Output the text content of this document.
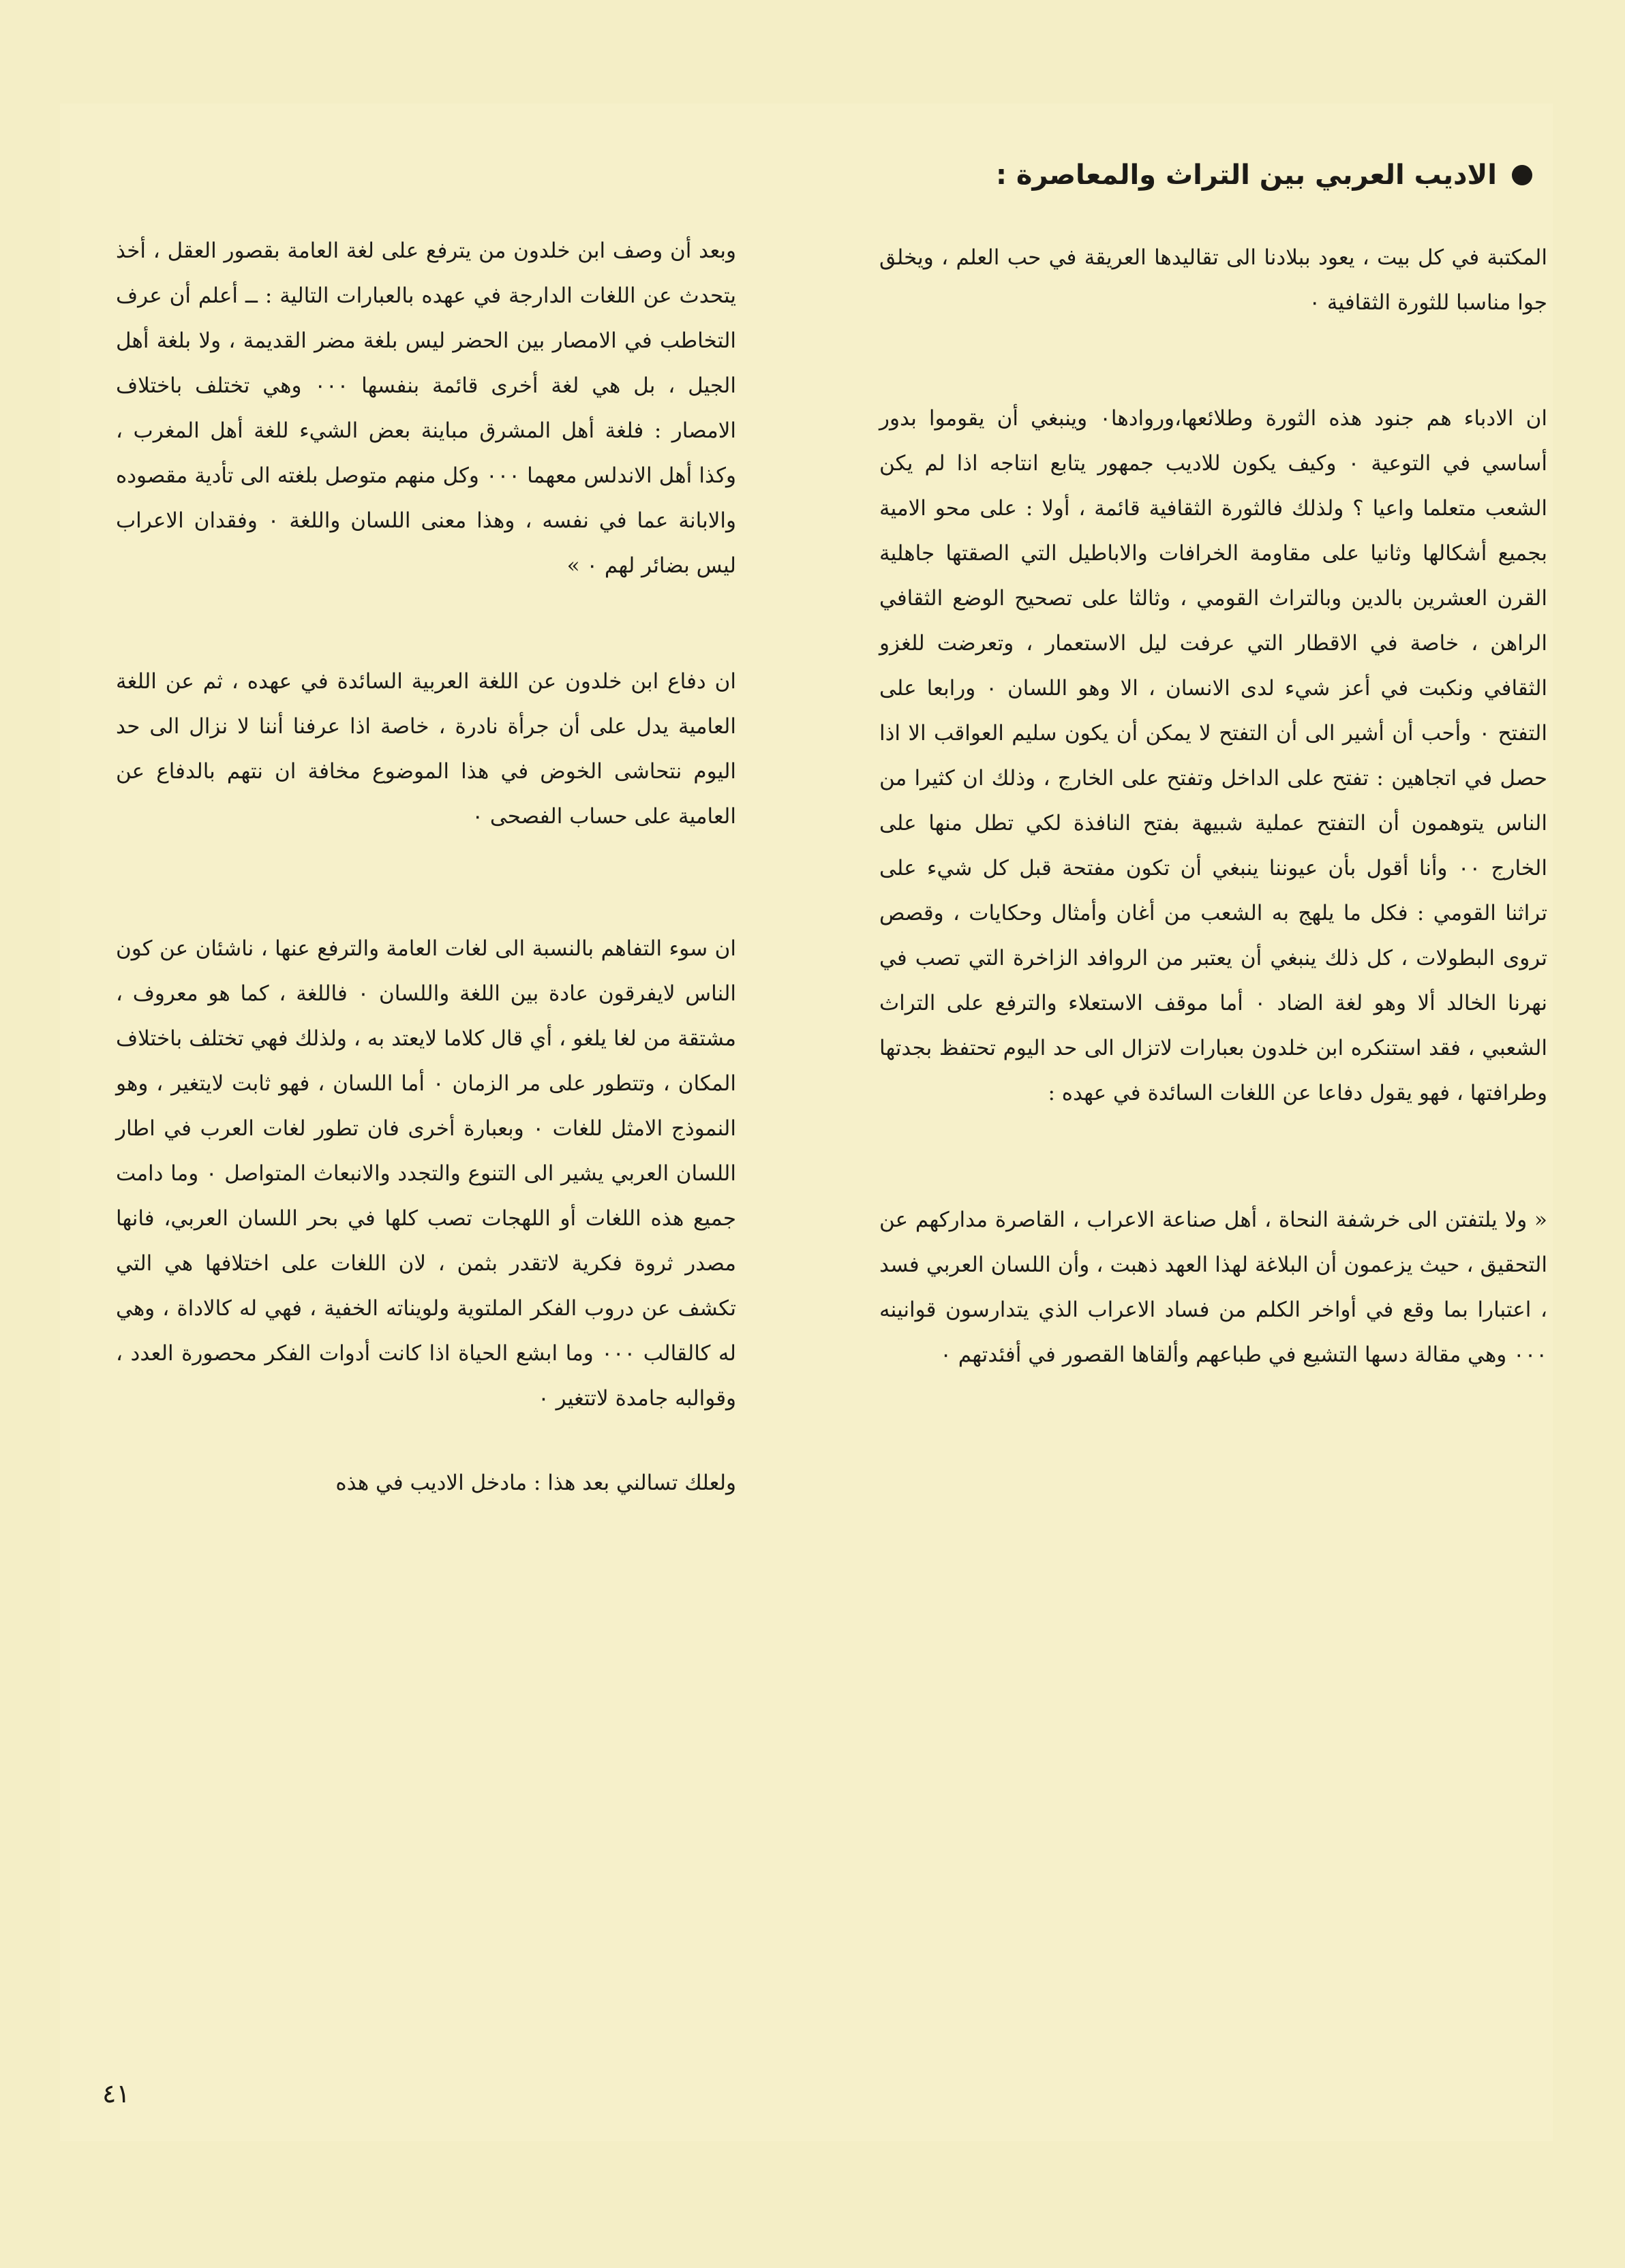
الاديب العربي بين التراث والمعاصرة :

المكتبة في كل بيت ، يعود ببلادنا الى تقاليدها العريقة في حب العلم ، ويخلق جوا مناسبا للثورة الثقافية ٠

ان الادباء هم جنود هذه الثورة وطلائعها،وروادها٠ وينبغي أن يقوموا بدور أساسي في التوعية ٠ وكيف يكون للاديب جمهور يتابع انتاجه اذا لم يكن الشعب متعلما واعيا ؟ ولذلك فالثورة الثقافية قائمة ، أولا : على محو الامية بجميع أشكالها وثانيا على مقاومة الخرافات والاباطيل التي الصقتها جاهلية القرن العشرين بالدين وبالتراث القومي ، وثالثا على تصحيح الوضع الثقافي الراهن ، خاصة في الاقطار التي عرفت ليل الاستعمار ، وتعرضت للغزو الثقافي ونكبت في أعز شيء لدى الانسان ، الا وهو اللسان ٠ ورابعا على التفتح ٠ وأحب أن أشير الى أن التفتح لا يمكن أن يكون سليم العواقب الا اذا حصل في اتجاهين : تفتح على الداخل وتفتح على الخارج ، وذلك ان كثيرا من الناس يتوهمون أن التفتح عملية شبيهة بفتح النافذة لكي تطل منها على الخارج ٠٠ وأنا أقول بأن عيوننا ينبغي أن تكون مفتحة قبل كل شيء على تراثنا القومي : فكل ما يلهج به الشعب من أغان وأمثال وحكايات ، وقصص تروى البطولات ، كل ذلك ينبغي أن يعتبر من الروافد الزاخرة التي تصب في نهرنا الخالد ألا وهو لغة الضاد ٠ أما موقف الاستعلاء والترفع على التراث الشعبي ، فقد استنكره ابن خلدون بعبارات لاتزال الى حد اليوم تحتفظ بجدتها وطرافتها ، فهو يقول دفاعا عن اللغات السائدة في عهده :

« ولا يلتفتن الى خرشفة النحاة ، أهل صناعة الاعراب ، القاصرة مداركهم عن التحقيق ، حيث يزعمون أن البلاغة لهذا العهد ذهبت ، وأن اللسان العربي فسد ، اعتبارا بما وقع في أواخر الكلم من فساد الاعراب الذي يتدارسون قوانينه ٠٠٠ وهي مقالة دسها التشيع في طباعهم وألقاها القصور في أفئدتهم ٠

وبعد أن وصف ابن خلدون من يترفع على لغة العامة بقصور العقل ، أخذ يتحدث عن اللغات الدارجة في عهده بالعبارات التالية : ــ أعلم أن عرف التخاطب في الامصار بين الحضر ليس بلغة مضر القديمة ، ولا بلغة أهل الجيل ، بل هي لغة أخرى قائمة بنفسها ٠٠٠ وهي تختلف باختلاف الامصار : فلغة أهل المشرق مباينة بعض الشيء للغة أهل المغرب ، وكذا أهل الاندلس معهما ٠٠٠ وكل منهم متوصل بلغته الى تأدية مقصوده والابانة عما في نفسه ، وهذا معنى اللسان واللغة ٠ وفقدان الاعراب ليس بضائر لهم ٠ »

ان دفاع ابن خلدون عن اللغة العربية السائدة في عهده ، ثم عن اللغة العامية يدل على أن جرأة نادرة ، خاصة اذا عرفنا أننا لا نزال الى حد اليوم نتحاشى الخوض في هذا الموضوع مخافة ان نتهم بالدفاع عن العامية على حساب الفصحى ٠

ان سوء التفاهم بالنسبة الى لغات العامة والترفع عنها ، ناشئان عن كون الناس لايفرقون عادة بين اللغة واللسان ٠ فاللغة ، كما هو معروف ، مشتقة من لغا يلغو ، أي قال كلاما لايعتد به ، ولذلك فهي تختلف باختلاف المكان ، وتتطور على مر الزمان ٠ أما اللسان ، فهو ثابت لايتغير ، وهو النموذج الامثل للغات ٠ وبعبارة أخرى فان تطور لغات العرب في اطار اللسان العربي يشير الى التنوع والتجدد والانبعاث المتواصل ٠ وما دامت جميع هذه اللغات أو اللهجات تصب كلها في بحر اللسان العربي، فانها مصدر ثروة فكرية لاتقدر بثمن ، لان اللغات على اختلافها هي التي تكشف عن دروب الفكر الملتوية ولويناته الخفية ، فهي له كالاداة ، وهي له كالقالب ٠٠٠ وما ابشع الحياة اذا كانت أدوات الفكر محصورة العدد ، وقوالبه جامدة لاتتغير ٠

ولعلك تسالني بعد هذا : مادخل الاديب في هذه

٤١
